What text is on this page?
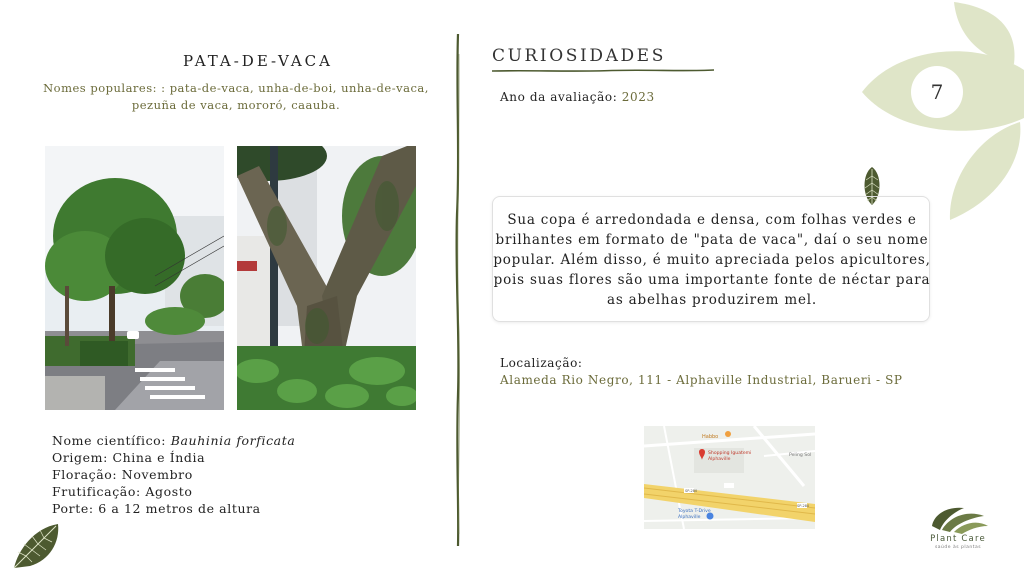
PATA-DE-VACA
Nomes populares: : pata-de-vaca, unha-de-boi, unha-de-vaca, pezuña de vaca, mororó, caauba.
Nome científico: Bauhinia forficata
Origem: China e Índia
Floração: Novembro
Frutificação: Agosto
Porte: 6 a 12 metros de altura
CURIOSIDADES
Ano da avaliação: 2023
Sua copa é arredondada e densa, com folhas verdes e brilhantes em formato de "pata de vaca", daí o seu nome popular. Além disso, é muito apreciada pelos apicultores, pois suas flores são uma importante fonte de néctar para as abelhas produzirem mel.
Localização:
Alameda Rio Negro, 111 - Alphaville Industrial, Barueri - SP
Habbo
Shopping Iguatemi
Alphaville
Peling Sol
Toyota T-Drive
Alphaville
SP-280
SP-280
7
Plant Care
saúde às plantas
